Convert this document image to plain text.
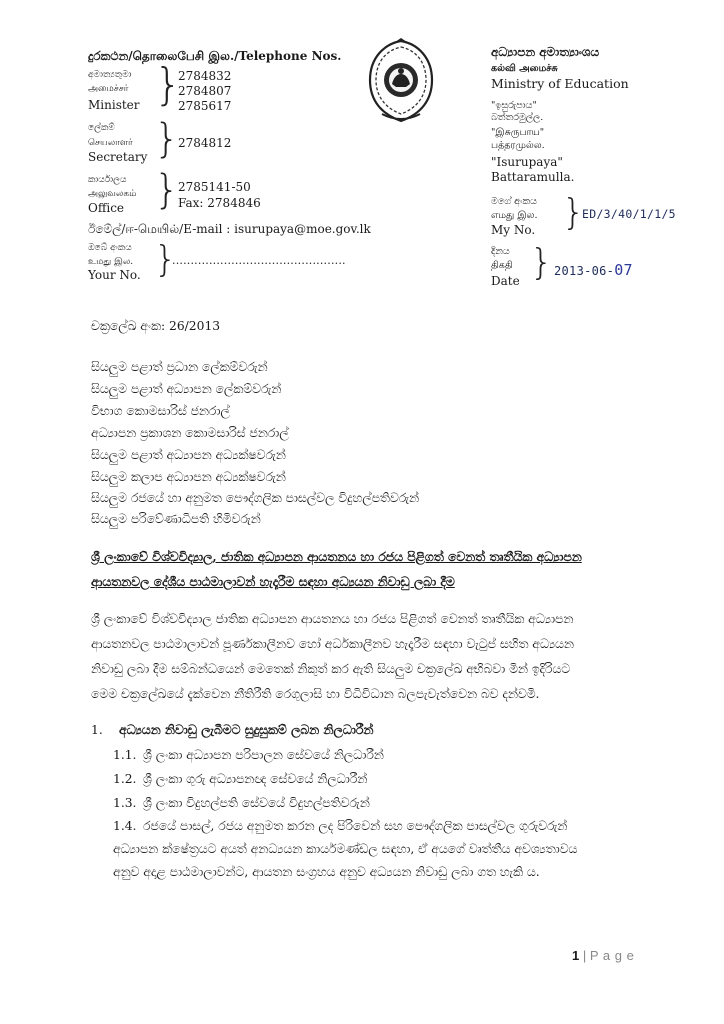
දුරකථන/தொலைபேசி இல./Telephone Nos.
අමාත්‍යතුමා
அமைச்சர்
Minister }
2784832
2784807
2785617
ලේකම්
செயலாளர்
Secretary }
2784812
කාර්යාලය
அலுவலகம்
Office }
2785141-50
Fax: 2784846
ඊමේල්/ஈ-மெயில்/E-mail : isurupaya@moe.gov.lk
ඔබේ අංකය
உமது இல.
Your No. }
...............................................
අධ්‍යාපන අමාත්‍යාංශය
கல்வி அமைச்சு
Ministry of Education
"ඉසුරුපාය"
බත්තරමුල්ල.
"இசுருபாய"
பத்தரமுல்ல.
"Isurupaya"
Battaramulla.
මගේ අංකය
எமது இல.
My No. }
ED/3/40/1/1/5
දිනය
திகதி
Date } 2013-06-07
චක්‍රලේඛ අංක: 26/2013
සියලුම පළාත් ප්‍රධාන ලේකම්වරුන්
සියලුම පළාත් අධ්‍යාපන ලේකම්වරුන්
විභාග කොමසාරිස් ජනරාල්
අධ්‍යාපන ප්‍රකාශන කොමසාරිස් ජනරාල්
සියලුම පළාත් අධ්‍යාපන අධ්‍යක්ෂවරුන්
සියලුම කලාප අධ්‍යාපන අධ්‍යක්ෂවරුන්
සියලුම රජයේ හා අනුමත පෞද්ගලික පාසල්වල විදුහල්පතිවරුන්
සියලුම පරිවේණාධිපති හිමිවරුන්
ශ්‍රී ලංකාවේ විශ්වවිද්‍යාල, ජාතික අධ්‍යාපන ආයතනය හා රජය පිළිගත් වෙනත් තෘතීයික අධ්‍යාපන
ආයතනවල දේශීය පාඨමාලාවන් හැදෑරීම සඳහා අධ්‍යයන නිවාඩු ලබා දීම
ශ්‍රී ලංකාවේ විශ්වවිද්‍යාල ජාතික අධ්‍යාපන ආයතනය හා රජය පිළිගත් වෙනත් තෘතීයික අධ්‍යාපන
ආයතනවල පාඨමාලාවන් පූර්ණකාලීනව හෝ අර්ධකාලීනව හැදෑරීම සඳහා වැටුප් සහිත අධ්‍යයන
නිවාඩු ලබා දීම සම්බන්ධයෙන් මෙතෙක් නිකුත් කර ඇති සියලුම චක්‍රලේඛ අභිබවා මින් ඉදිරියට
මෙම චක්‍රලේඛයේ දැක්වෙන නීතිරීති රෙගුලාසි හා විධිවිධාන බලපැවැත්වෙන බව දන්වමි.
1. අධ්‍යයන නිවාඩු ලැබීමට සුදුසුකම් ලබන නිලධාරීන්
1.1. ශ්‍රී ලංකා අධ්‍යාපන පරිපාලන සේවයේ නිලධාරීන්
1.2. ශ්‍රී ලංකා ගුරු අධ්‍යාපනඥ සේවයේ නිලධාරීන්
1.3. ශ්‍රී ලංකා විදුහල්පති සේවයේ විදුහල්පතිවරුන්
1.4. රජයේ පාසල්, රජය අනුමත කරන ලද පිරිවෙන් සහ පෞද්ගලික පාසල්වල ගුරුවරුන්
අධ්‍යාපන ක්ෂේත්‍රයට අයත් අනධ්‍යයන කාර්යමණ්ඩල සඳහා, ඒ අයගේ වෘත්තීය අවශ්‍යතාවය
අනුව අදාළ පාඨමාලාවන්ට, ආයතන සංග්‍රහය අනුව අධ්‍යයන නිවාඩු ලබා ගත හැකි ය.
1 | P a g e
